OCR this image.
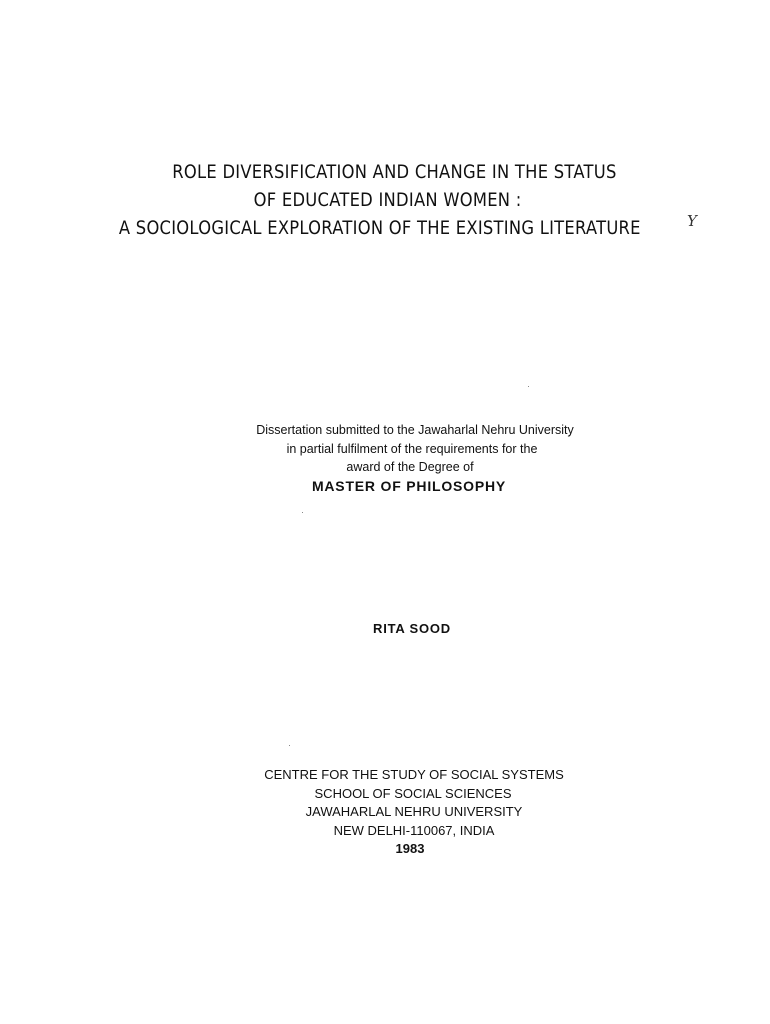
ROLE DIVERSIFICATION AND CHANGE IN THE STATUS
OF EDUCATED INDIAN WOMEN :
A SOCIOLOGICAL EXPLORATION OF THE EXISTING LITERATURE	Y
Dissertation submitted to the Jawaharlal Nehru University
in partial fulfilment of the requirements for the
award of the Degree of
MASTER OF PHILOSOPHY
RITA SOOD
CENTRE FOR THE STUDY OF SOCIAL SYSTEMS
SCHOOL OF SOCIAL SCIENCES
JAWAHARLAL NEHRU UNIVERSITY
NEW DELHI-110067, INDIA
1983
